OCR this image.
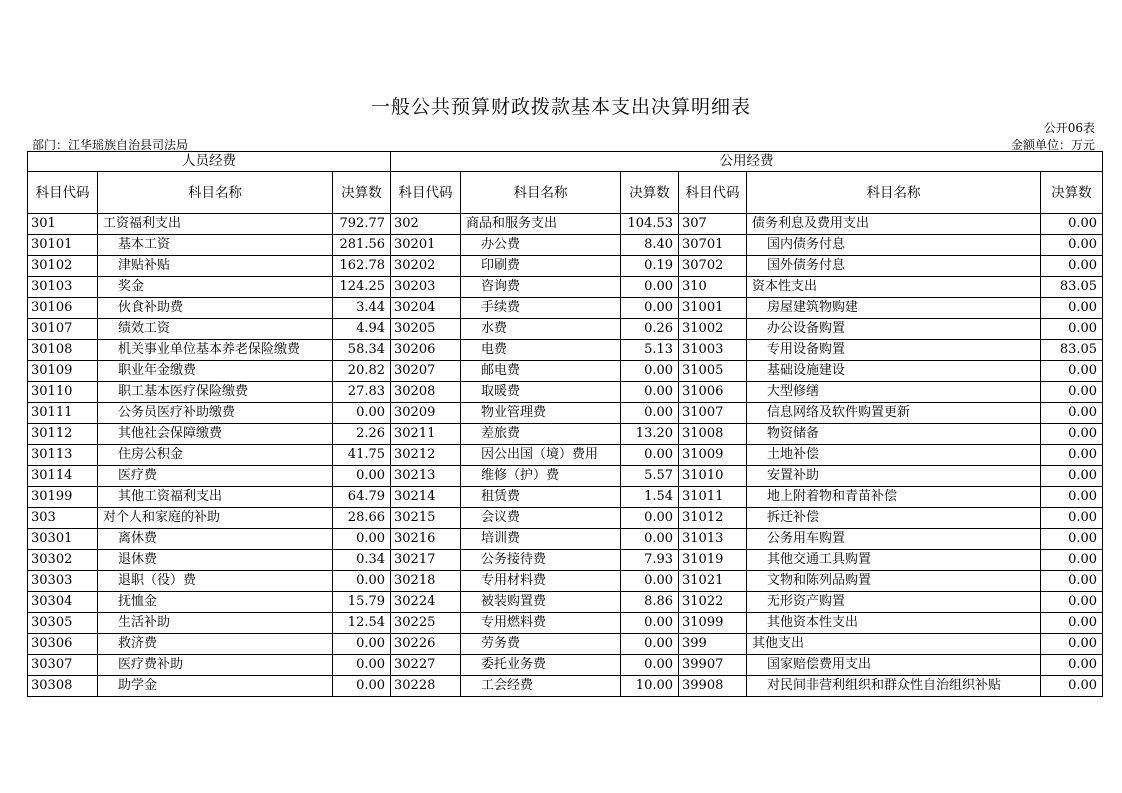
一般公共预算财政拨款基本支出决算明细表
公开06表
部门：江华瑶族自治县司法局	金额单位：万元
人员经费			公用经费					
科目代码	科目名称	决算数	科目代码	科目名称	决算数	科目代码	科目名称	决算数
301	工资福利支出	792.77	302	商品和服务支出	104.53	307	债务利息及费用支出	0.00
30101	基本工资	281.56	30201	办公费	8.40	30701	国内债务付息	0.00
30102	津贴补贴	162.78	30202	印刷费	0.19	30702	国外债务付息	0.00
30103	奖金	124.25	30203	咨询费	0.00	310	资本性支出	83.05
30106	伙食补助费	3.44	30204	手续费	0.00	31001	房屋建筑物购建	0.00
30107	绩效工资	4.94	30205	水费	0.26	31002	办公设备购置	0.00
30108	机关事业单位基本养老保险缴费	58.34	30206	电费	5.13	31003	专用设备购置	83.05
30109	职业年金缴费	20.82	30207	邮电费	0.00	31005	基础设施建设	0.00
30110	职工基本医疗保险缴费	27.83	30208	取暖费	0.00	31006	大型修缮	0.00
30111	公务员医疗补助缴费	0.00	30209	物业管理费	0.00	31007	信息网络及软件购置更新	0.00
30112	其他社会保障缴费	2.26	30211	差旅费	13.20	31008	物资储备	0.00
30113	住房公积金	41.75	30212	因公出国（境）费用	0.00	31009	土地补偿	0.00
30114	医疗费	0.00	30213	维修（护）费	5.57	31010	安置补助	0.00
30199	其他工资福利支出	64.79	30214	租赁费	1.54	31011	地上附着物和青苗补偿	0.00
303	对个人和家庭的补助	28.66	30215	会议费	0.00	31012	拆迁补偿	0.00
30301	离休费	0.00	30216	培训费	0.00	31013	公务用车购置	0.00
30302	退休费	0.34	30217	公务接待费	7.93	31019	其他交通工具购置	0.00
30303	退职（役）费	0.00	30218	专用材料费	0.00	31021	文物和陈列品购置	0.00
30304	抚恤金	15.79	30224	被装购置费	8.86	31022	无形资产购置	0.00
30305	生活补助	12.54	30225	专用燃料费	0.00	31099	其他资本性支出	0.00
30306	救济费	0.00	30226	劳务费	0.00	399	其他支出	0.00
30307	医疗费补助	0.00	30227	委托业务费	0.00	39907	国家赔偿费用支出	0.00
30308	助学金	0.00	30228	工会经费	10.00	39908	对民间非营利组织和群众性自治组织补贴	0.00
